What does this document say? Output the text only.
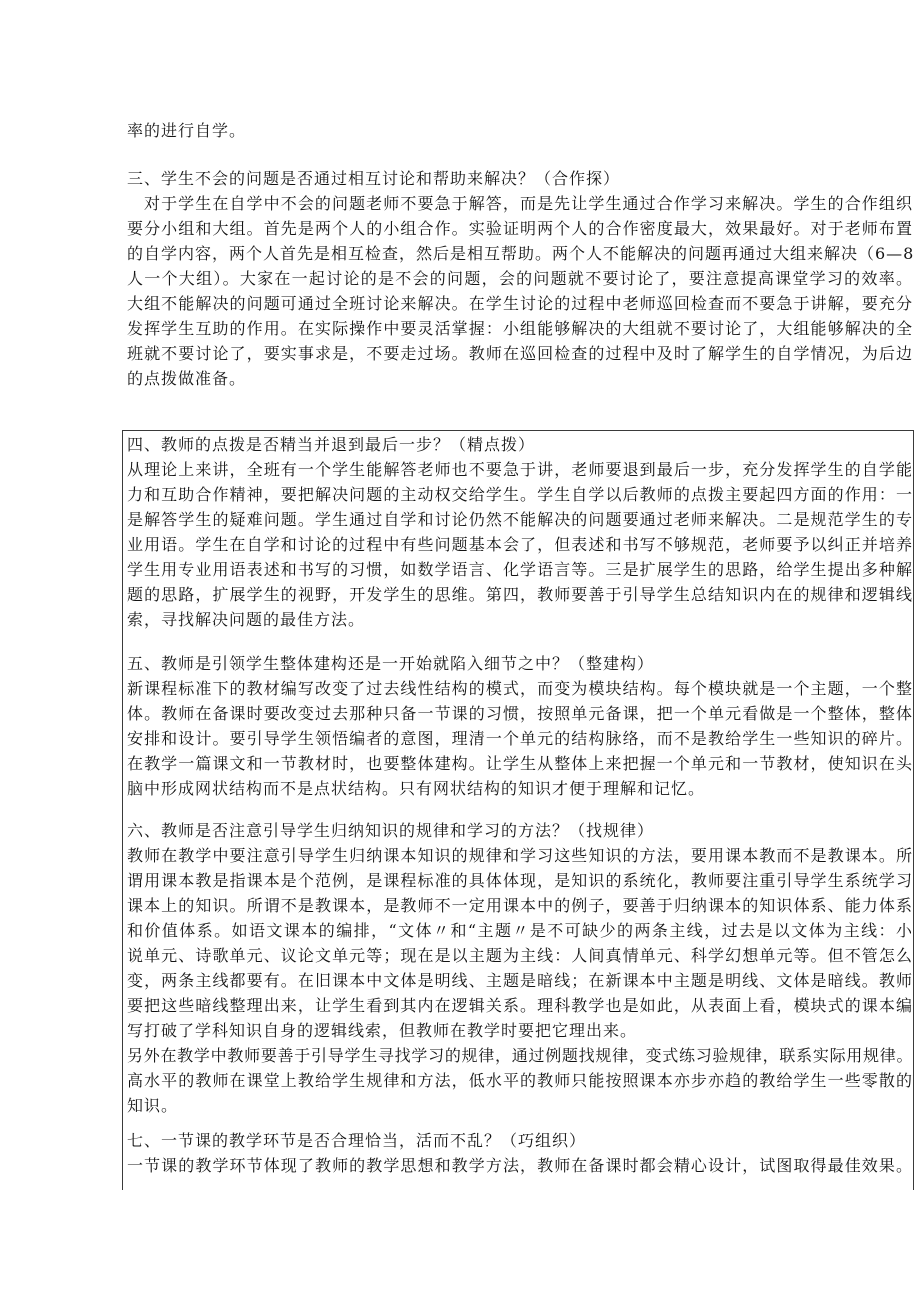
率的进行自学。
三、学生不会的问题是否通过相互讨论和帮助来解决？（合作探）
对于学生在自学中不会的问题老师不要急于解答，而是先让学生通过合作学习来解决。学生的合作组织
要分小组和大组。首先是两个人的小组合作。实验证明两个人的合作密度最大，效果最好。对于老师布置
的自学内容，两个人首先是相互检查，然后是相互帮助。两个人不能解决的问题再通过大组来解决（6—8
人一个大组）。大家在一起讨论的是不会的问题，会的问题就不要讨论了，要注意提高课堂学习的效率。
大组不能解决的问题可通过全班讨论来解决。在学生讨论的过程中老师巡回检查而不要急于讲解，要充分
发挥学生互助的作用。在实际操作中要灵活掌握：小组能够解决的大组就不要讨论了，大组能够解决的全
班就不要讨论了，要实事求是，不要走过场。教师在巡回检查的过程中及时了解学生的自学情况，为后边
的点拨做准备。
四、教师的点拨是否精当并退到最后一步？（精点拨）
从理论上来讲，全班有一个学生能解答老师也不要急于讲，老师要退到最后一步，充分发挥学生的自学能
力和互助合作精神，要把解决问题的主动权交给学生。学生自学以后教师的点拨主要起四方面的作用：一
是解答学生的疑难问题。学生通过自学和讨论仍然不能解决的问题要通过老师来解决。二是规范学生的专
业用语。学生在自学和讨论的过程中有些问题基本会了，但表述和书写不够规范，老师要予以纠正并培养
学生用专业用语表述和书写的习惯，如数学语言、化学语言等。三是扩展学生的思路，给学生提出多种解
题的思路，扩展学生的视野，开发学生的思维。第四，教师要善于引导学生总结知识内在的规律和逻辑线
索，寻找解决问题的最佳方法。
五、教师是引领学生整体建构还是一开始就陷入细节之中？（整建构）
新课程标准下的教材编写改变了过去线性结构的模式，而变为模块结构。每个模块就是一个主题，一个整
体。教师在备课时要改变过去那种只备一节课的习惯，按照单元备课，把一个单元看做是一个整体，整体
安排和设计。要引导学生领悟编者的意图，理清一个单元的结构脉络，而不是教给学生一些知识的碎片。
在教学一篇课文和一节教材时，也要整体建构。让学生从整体上来把握一个单元和一节教材，使知识在头
脑中形成网状结构而不是点状结构。只有网状结构的知识才便于理解和记忆。
六、教师是否注意引导学生归纳知识的规律和学习的方法？（找规律）
教师在教学中要注意引导学生归纳课本知识的规律和学习这些知识的方法，要用课本教而不是教课本。所
谓用课本教是指课本是个范例，是课程标准的具体体现，是知识的系统化，教师要注重引导学生系统学习
课本上的知识。所谓不是教课本，是教师不一定用课本中的例子，要善于归纳课本的知识体系、能力体系
和价值体系。如语文课本的编排，“文体〃和“主题〃是不可缺少的两条主线，过去是以文体为主线：小
说单元、诗歌单元、议论文单元等；现在是以主题为主线：人间真情单元、科学幻想单元等。但不管怎么
变，两条主线都要有。在旧课本中文体是明线、主题是暗线；在新课本中主题是明线、文体是暗线。教师
要把这些暗线整理出来，让学生看到其内在逻辑关系。理科教学也是如此，从表面上看，模块式的课本编
写打破了学科知识自身的逻辑线索，但教师在教学时要把它理出来。
另外在教学中教师要善于引导学生寻找学习的规律，通过例题找规律，变式练习验规律，联系实际用规律。
高水平的教师在课堂上教给学生规律和方法，低水平的教师只能按照课本亦步亦趋的教给学生一些零散的
知识。
七、一节课的教学环节是否合理恰当，活而不乱？（巧组织）
一节课的教学环节体现了教师的教学思想和教学方法，教师在备课时都会精心设计，试图取得最佳效果。
